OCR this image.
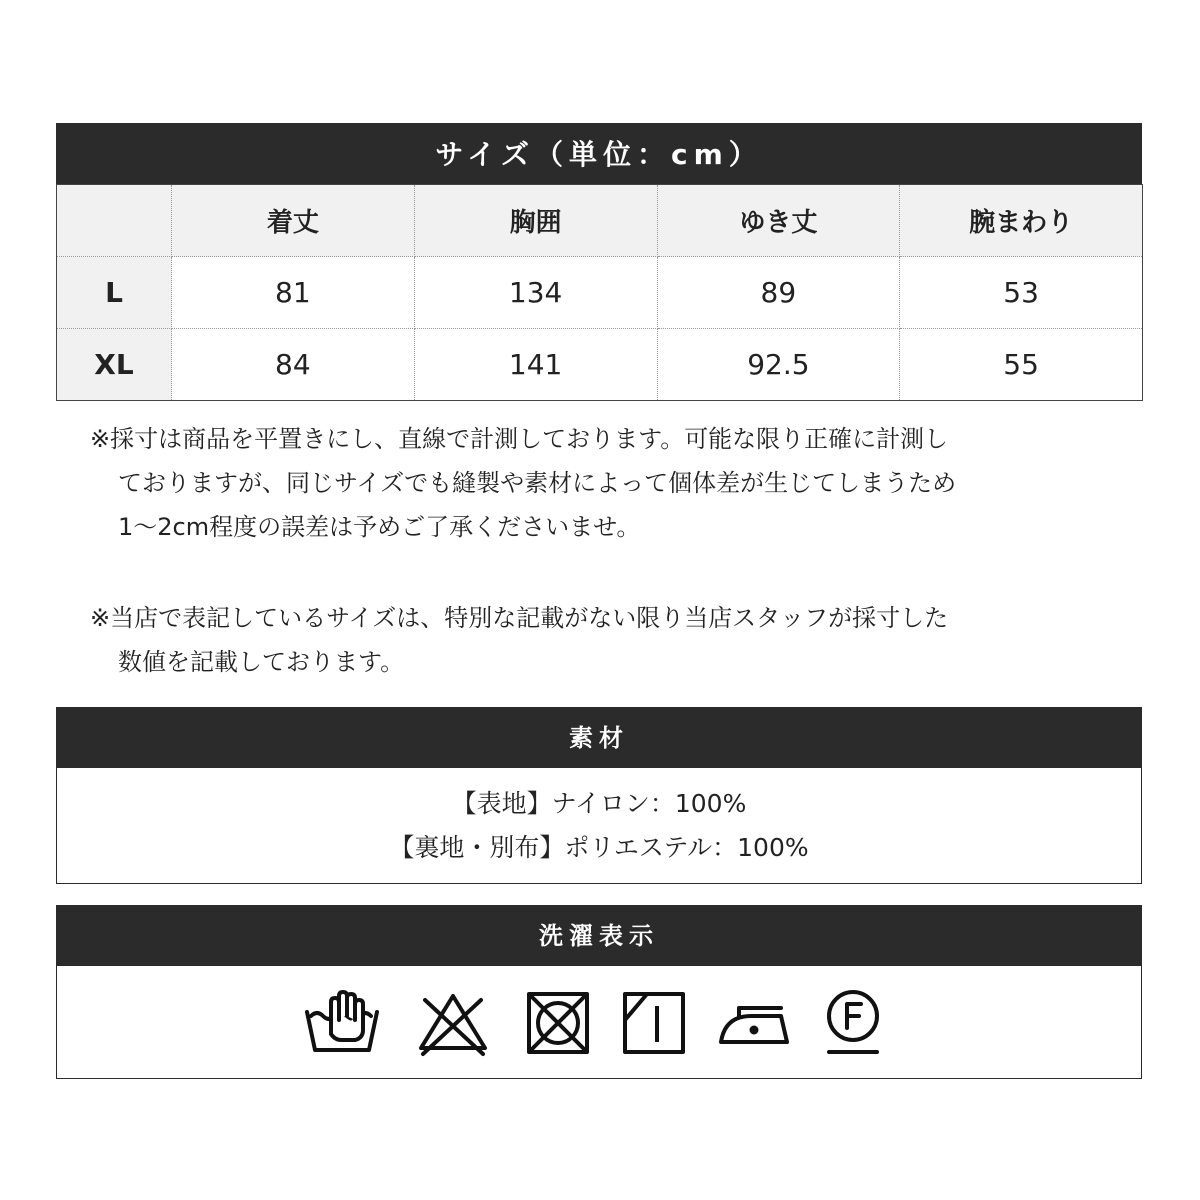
サイズ（単位：cm）
	着丈	胸囲	ゆき丈	腕まわり
L	81	134	89	53
XL	84	141	92.5	55

※採寸は商品を平置きにし、直線で計測しております。可能な限り正確に計測し
ておりますが、同じサイズでも縫製や素材によって個体差が生じてしまうため
1～2cm程度の誤差は予めご了承くださいませ。

※当店で表記しているサイズは、特別な記載がない限り当店スタッフが採寸した
数値を記載しております。

素材
【表地】ナイロン：100%
【裏地・別布】ポリエステル：100%
洗濯表示
